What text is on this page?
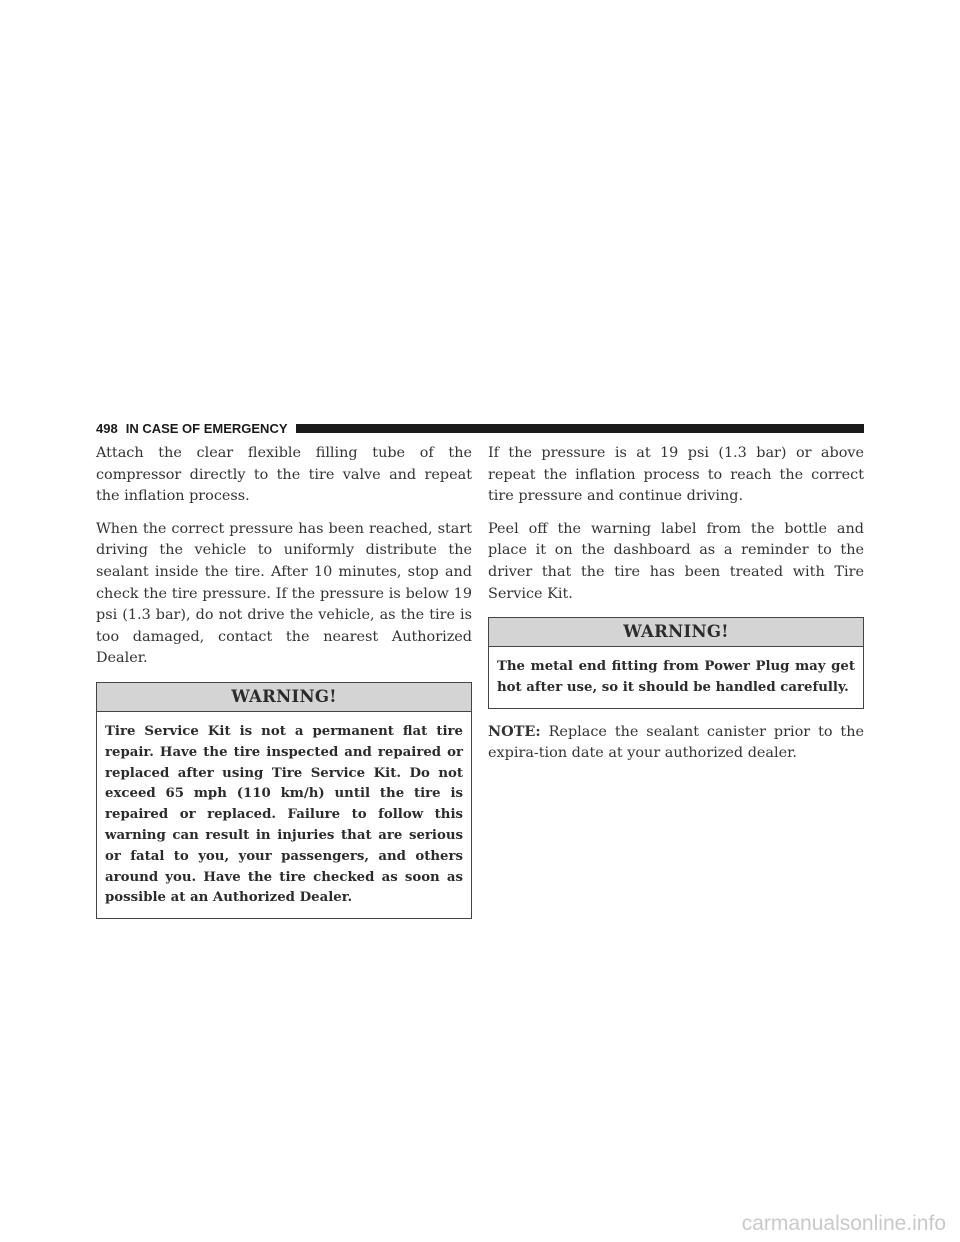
498 IN CASE OF EMERGENCY

Attach the clear flexible filling tube of the compressor directly to the tire valve and repeat the inflation process.

When the correct pressure has been reached, start driving the vehicle to uniformly distribute the sealant inside the tire. After 10 minutes, stop and check the tire pressure. If the pressure is below 19 psi (1.3 bar), do not drive the vehicle, as the tire is too damaged, contact the nearest Authorized Dealer.

WARNING!
Tire Service Kit is not a permanent flat tire repair. Have the tire inspected and repaired or replaced after using Tire Service Kit. Do not exceed 65 mph (110 km/h) until the tire is repaired or replaced. Failure to follow this warning can result in injuries that are serious or fatal to you, your passengers, and others around you. Have the tire checked as soon as possible at an Authorized Dealer.

If the pressure is at 19 psi (1.3 bar) or above repeat the inflation process to reach the correct tire pressure and continue driving.

Peel off the warning label from the bottle and place it on the dashboard as a reminder to the driver that the tire has been treated with Tire Service Kit.

WARNING!
The metal end fitting from Power Plug may get hot after use, so it should be handled carefully.

NOTE: Replace the sealant canister prior to the expira-tion date at your authorized dealer.

carmanualsonline.info
